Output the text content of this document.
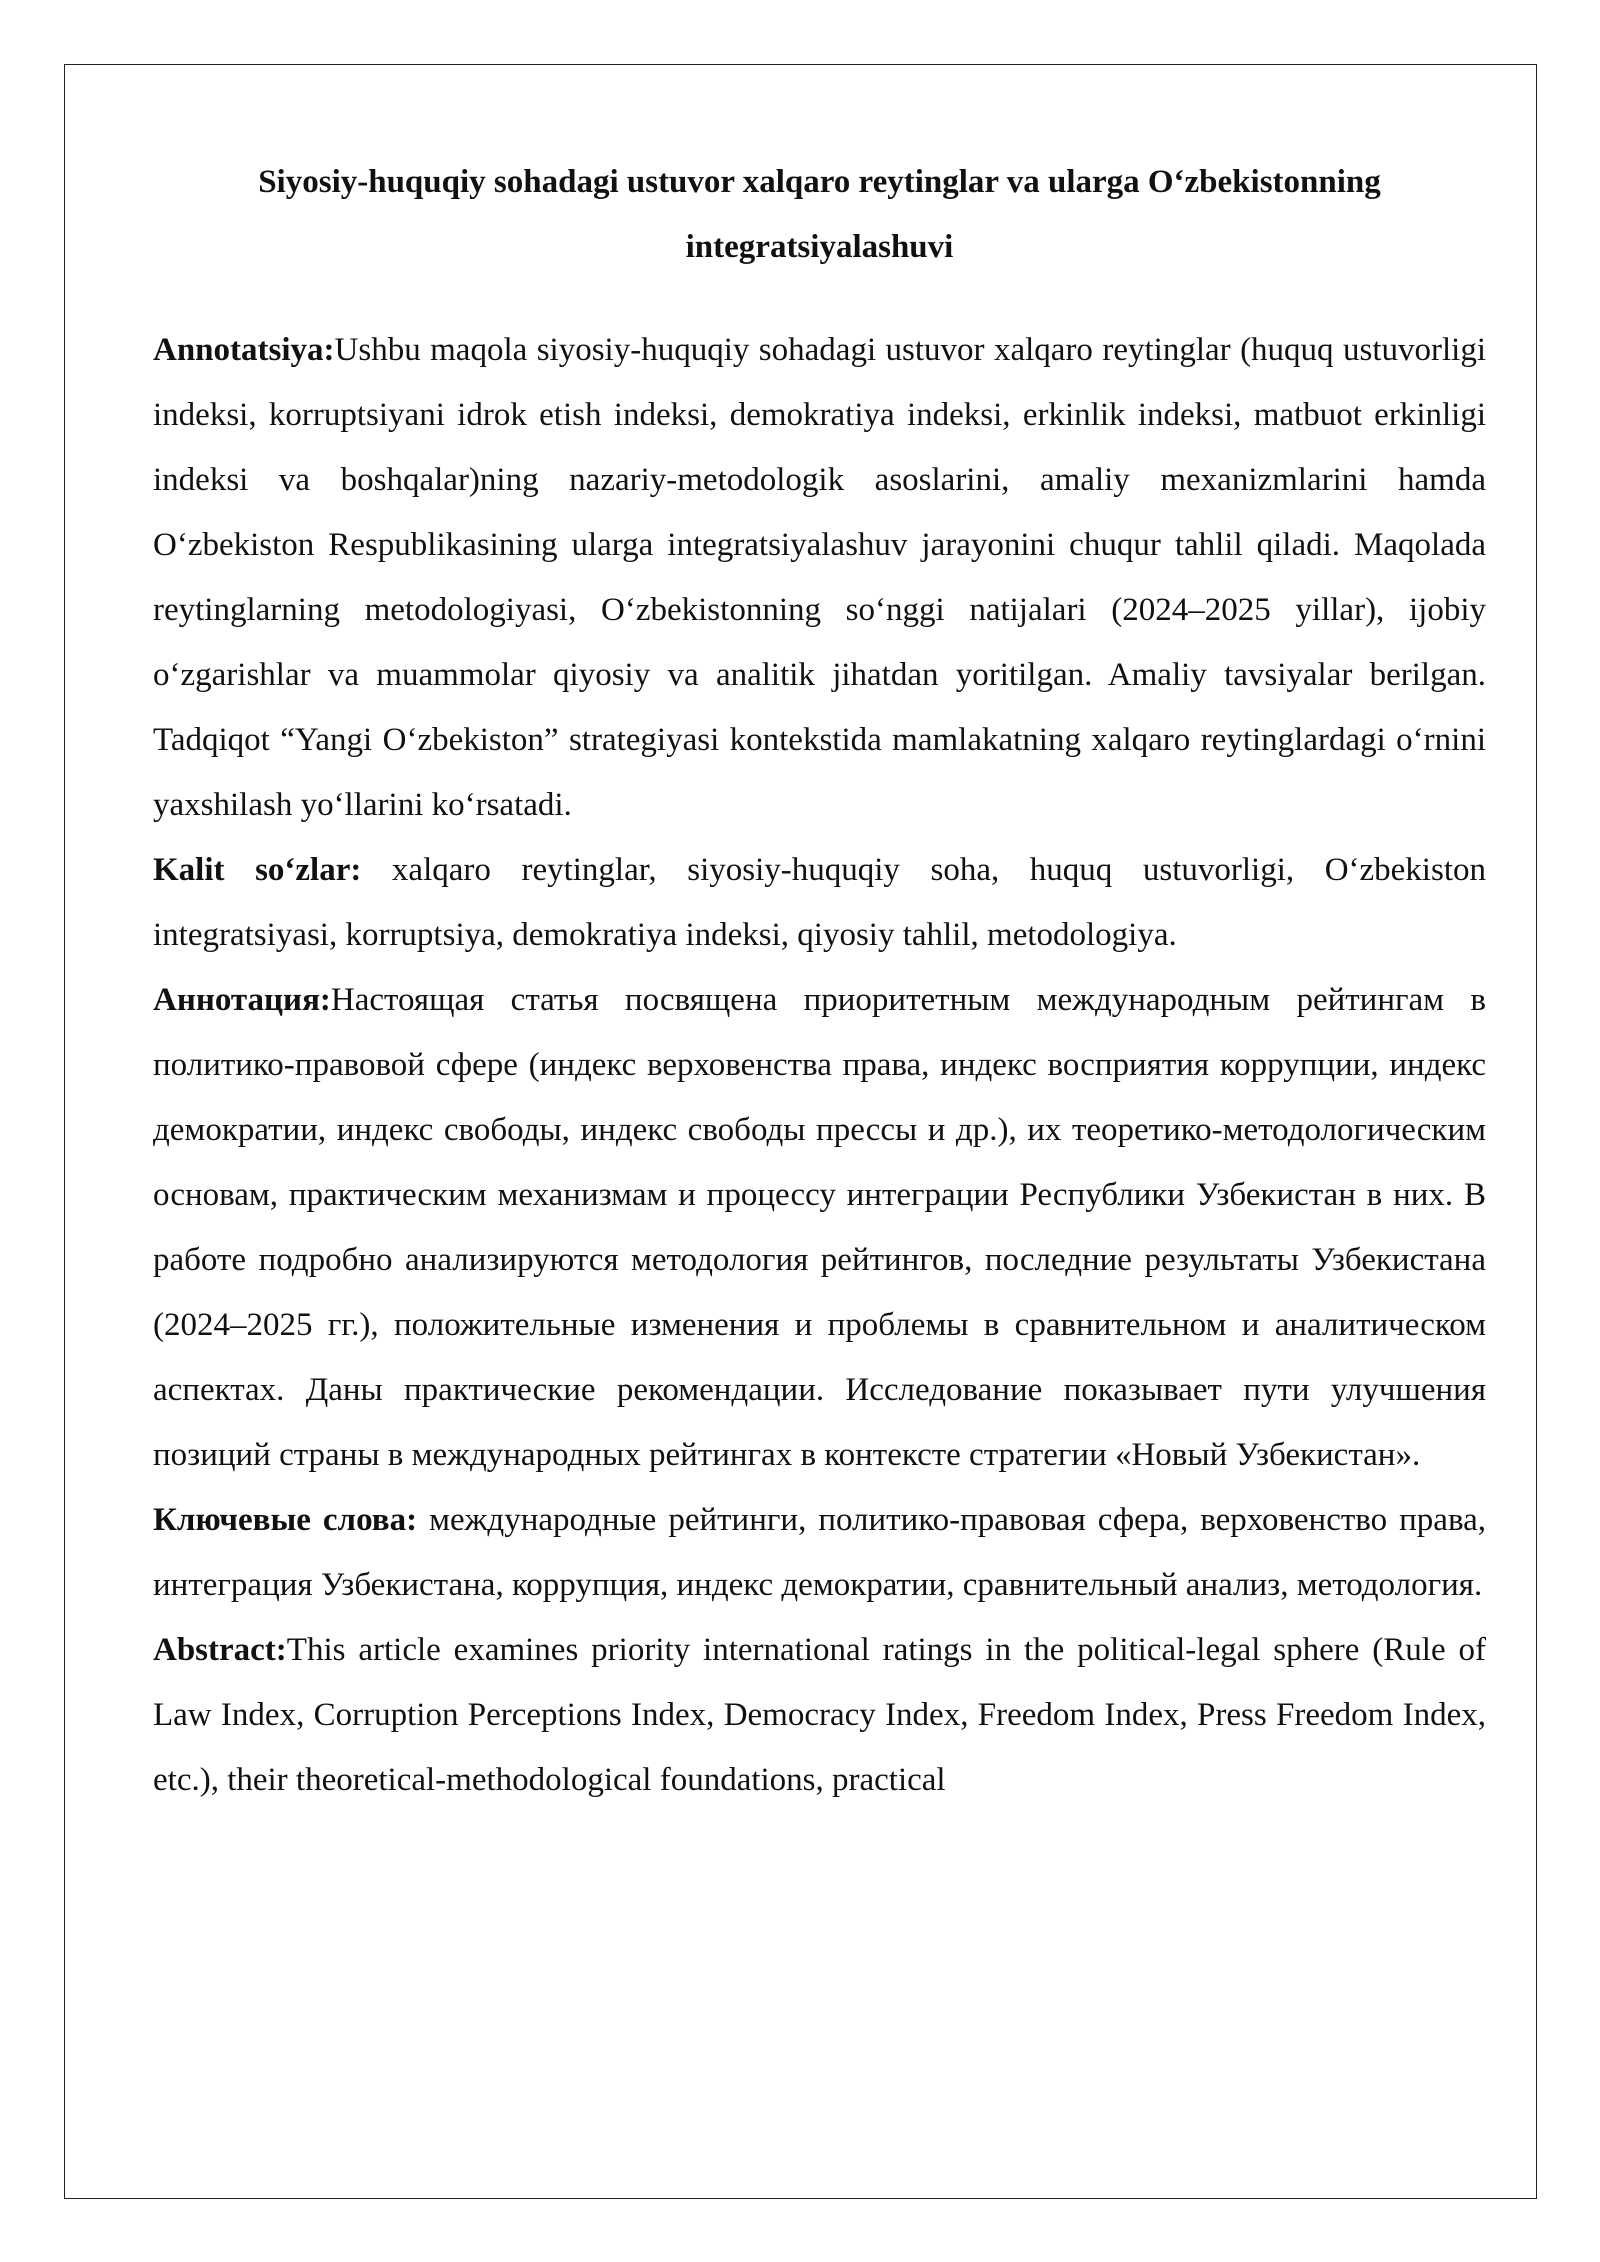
Siyosiy-huquqiy sohadagi ustuvor xalqaro reytinglar va ularga O‘zbekistonning integratsiyalashuvi

Annotatsiya:Ushbu maqola siyosiy-huquqiy sohadagi ustuvor xalqaro reytinglar (huquq ustuvorligi indeksi, korruptsiyani idrok etish indeksi, demokratiya indeksi, erkinlik indeksi, matbuot erkinligi indeksi va boshqalar)ning nazariy-metodologik asoslarini, amaliy mexanizmlarini hamda O‘zbekiston Respublikasining ularga integratsiyalashuv jarayonini chuqur tahlil qiladi. Maqolada reytinglarning metodologiyasi, O‘zbekistonning so‘nggi natijalari (2024–2025 yillar), ijobiy o‘zgarishlar va muammolar qiyosiy va analitik jihatdan yoritilgan. Amaliy tavsiyalar berilgan. Tadqiqot “Yangi O‘zbekiston” strategiyasi kontekstida mamlakatning xalqaro reytinglardagi o‘rnini yaxshilash yo‘llarini ko‘rsatadi.

Kalit so‘zlar: xalqaro reytinglar, siyosiy-huquqiy soha, huquq ustuvorligi, O‘zbekiston integratsiyasi, korruptsiya, demokratiya indeksi, qiyosiy tahlil, metodologiya.

Аннотация:Настоящая статья посвящена приоритетным международным рейтингам в политико-правовой сфере (индекс верховенства права, индекс восприятия коррупции, индекс демократии, индекс свободы, индекс свободы прессы и др.), их теоретико-методологическим основам, практическим механизмам и процессу интеграции Республики Узбекистан в них. В работе подробно анализируются методология рейтингов, последние результаты Узбекистана (2024–2025 гг.), положительные изменения и проблемы в сравнительном и аналитическом аспектах. Даны практические рекомендации. Исследование показывает пути улучшения позиций страны в международных рейтингах в контексте стратегии «Новый Узбекистан».

Ключевые слова: международные рейтинги, политико-правовая сфера, верховенство права, интеграция Узбекистана, коррупция, индекс демократии, сравнительный анализ, методология.

Abstract:This article examines priority international ratings in the political-legal sphere (Rule of Law Index, Corruption Perceptions Index, Democracy Index, Freedom Index, Press Freedom Index, etc.), their theoretical-methodological foundations, practical
